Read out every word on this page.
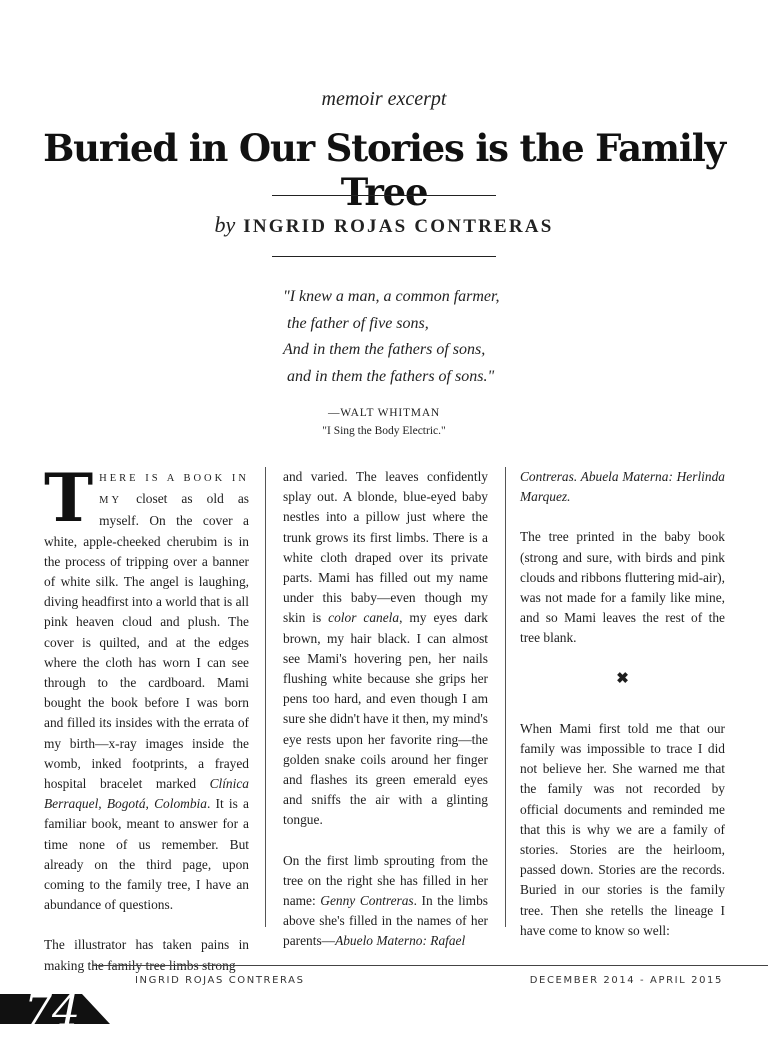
memoir excerpt
Buried in Our Stories is the Family Tree
by INGRID ROJAS CONTRERAS
"I knew a man, a common farmer,
the father of five sons,
And in them the fathers of sons,
and in them the fathers of sons."
—WALT WHITMAN
"I Sing the Body Electric."

THERE IS A BOOK IN MY closet as old as myself. On the cover a white, apple-cheeked cherubim is in the process of tripping over a banner of white silk. The angel is laughing, diving headfirst into a world that is all pink heaven cloud and plush. The cover is quilted, and at the edges where the cloth has worn I can see through to the cardboard. Mami bought the book before I was born and filled its insides with the errata of my birth—x-ray images inside the womb, inked footprints, a frayed hospital bracelet marked Clínica Berraquel, Bogotá, Colombia. It is a familiar book, meant to answer for a time none of us remember. But already on the third page, upon coming to the family tree, I have an abundance of questions.

The illustrator has taken pains in making the family tree limbs strong

and varied. The leaves confidently splay out. A blonde, blue-eyed baby nestles into a pillow just where the trunk grows its first limbs. There is a white cloth draped over its private parts. Mami has filled out my name under this baby—even though my skin is color canela, my eyes dark brown, my hair black. I can almost see Mami's hovering pen, her nails flushing white because she grips her pens too hard, and even though I am sure she didn't have it then, my mind's eye rests upon her favorite ring—the golden snake coils around her finger and flashes its green emerald eyes and sniffs the air with a glinting tongue.

On the first limb sprouting from the tree on the right she has filled in her name: Genny Contreras. In the limbs above she's filled in the names of her parents—Abuelo Materno: Rafael

Contreras. Abuela Materna: Herlinda Marquez.

The tree printed in the baby book (strong and sure, with birds and pink clouds and ribbons fluttering mid-air), was not made for a family like mine, and so Mami leaves the rest of the tree blank.

✖

When Mami first told me that our family was impossible to trace I did not believe her. She warned me that the family was not recorded by official documents and reminded me that this is why we are a family of stories. Stories are the heirloom, passed down. Stories are the records. Buried in our stories is the family tree. Then she retells the lineage I have come to know so well:

INGRID ROJAS CONTRERAS	DECEMBER 2014 - APRIL 2015
74
